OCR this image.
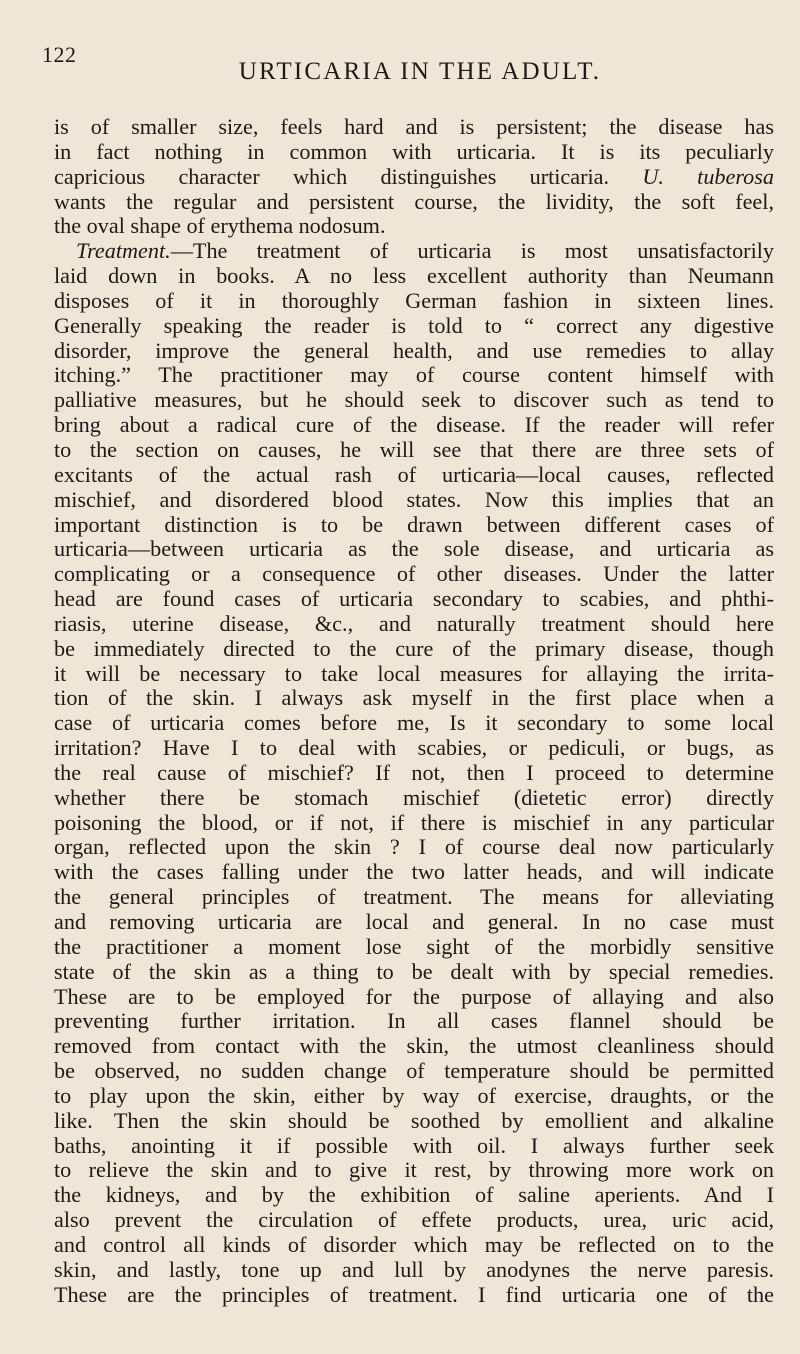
122
URTICARIA IN THE ADULT.
is of smaller size, feels hard and is persistent; the disease has
in fact nothing in common with urticaria. It is its peculiarly
capricious character which distinguishes urticaria. U. tuberosa
wants the regular and persistent course, the lividity, the soft feel,
the oval shape of erythema nodosum.
Treatment.—The treatment of urticaria is most unsatisfactorily
laid down in books. A no less excellent authority than Neumann
disposes of it in thoroughly German fashion in sixteen lines.
Generally speaking the reader is told to “ correct any digestive
disorder, improve the general health, and use remedies to allay
itching.” The practitioner may of course content himself with
palliative measures, but he should seek to discover such as tend to
bring about a radical cure of the disease. If the reader will refer
to the section on causes, he will see that there are three sets of
excitants of the actual rash of urticaria—local causes, reflected
mischief, and disordered blood states. Now this implies that an
important distinction is to be drawn between different cases of
urticaria—between urticaria as the sole disease, and urticaria as
complicating or a consequence of other diseases. Under the latter
head are found cases of urticaria secondary to scabies, and phthi-
riasis, uterine disease, &c., and naturally treatment should here
be immediately directed to the cure of the primary disease, though
it will be necessary to take local measures for allaying the irrita-
tion of the skin. I always ask myself in the first place when a
case of urticaria comes before me, Is it secondary to some local
irritation? Have I to deal with scabies, or pediculi, or bugs, as
the real cause of mischief? If not, then I proceed to determine
whether there be stomach mischief (dietetic error) directly
poisoning the blood, or if not, if there is mischief in any particular
organ, reflected upon the skin ? I of course deal now particularly
with the cases falling under the two latter heads, and will indicate
the general principles of treatment. The means for alleviating
and removing urticaria are local and general. In no case must
the practitioner a moment lose sight of the morbidly sensitive
state of the skin as a thing to be dealt with by special remedies.
These are to be employed for the purpose of allaying and also
preventing further irritation. In all cases flannel should be
removed from contact with the skin, the utmost cleanliness should
be observed, no sudden change of temperature should be permitted
to play upon the skin, either by way of exercise, draughts, or the
like. Then the skin should be soothed by emollient and alkaline
baths, anointing it if possible with oil. I always further seek
to relieve the skin and to give it rest, by throwing more work on
the kidneys, and by the exhibition of saline aperients. And I
also prevent the circulation of effete products, urea, uric acid,
and control all kinds of disorder which may be reflected on to the
skin, and lastly, tone up and lull by anodynes the nerve paresis.
These are the principles of treatment. I find urticaria one of the
